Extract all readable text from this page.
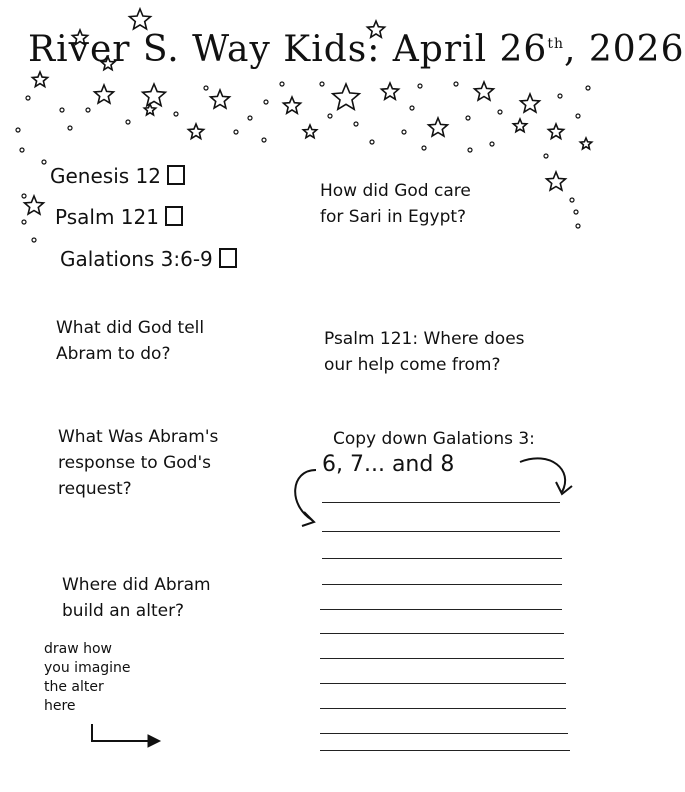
River S. Way Kids: April 26th, 2026
Genesis 12
Psalm 121
Galations 3:6-9
What did God tell
Abram to do?
What Was Abram's
response to God's
request?
Where did Abram
build an alter?
How did God care
for Sari in Egypt?
Psalm 121: Where does
our help come from?
Copy down Galations 3:
6, 7... and 8
draw how
you imagine
the alter
here
